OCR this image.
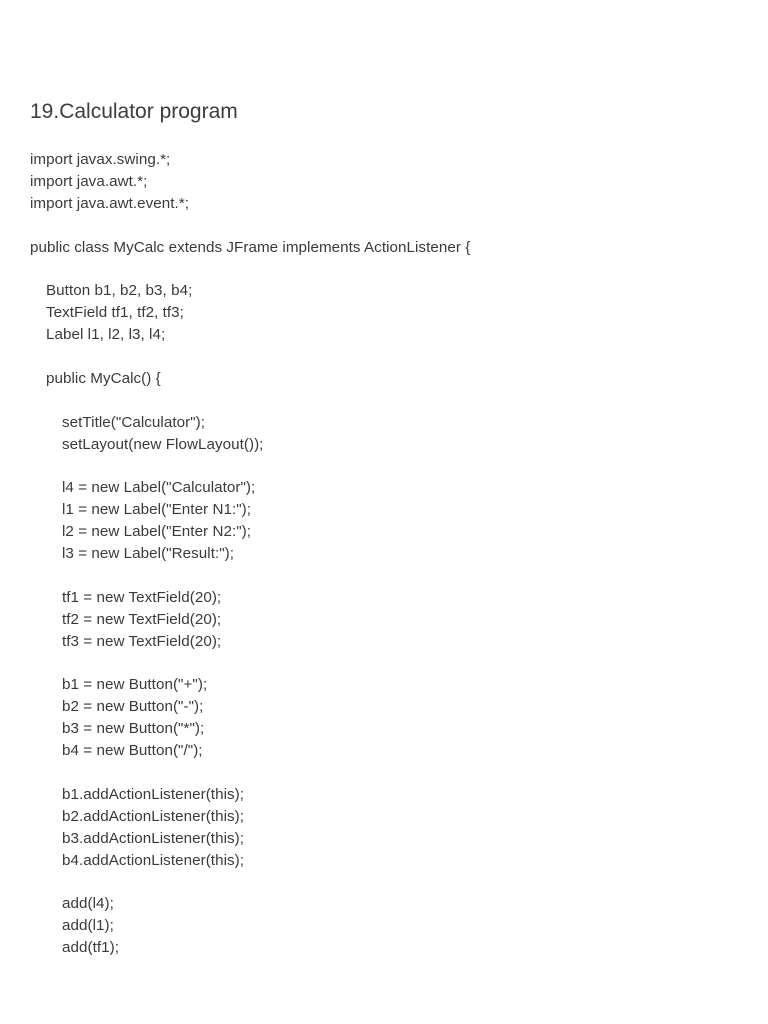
19.Calculator program
import javax.swing.*;
import java.awt.*;
import java.awt.event.*;
public class MyCalc extends JFrame implements ActionListener {
Button b1, b2, b3, b4;
TextField tf1, tf2, tf3;
Label l1, l2, l3, l4;
public MyCalc() {
setTitle("Calculator");
setLayout(new FlowLayout());
l4 = new Label("Calculator");
l1 = new Label("Enter N1:");
l2 = new Label("Enter N2:");
l3 = new Label("Result:");
tf1 = new TextField(20);
tf2 = new TextField(20);
tf3 = new TextField(20);
b1 = new Button("+");
b2 = new Button("-");
b3 = new Button("*");
b4 = new Button("/");
b1.addActionListener(this);
b2.addActionListener(this);
b3.addActionListener(this);
b4.addActionListener(this);
add(l4);
add(l1);
add(tf1);
